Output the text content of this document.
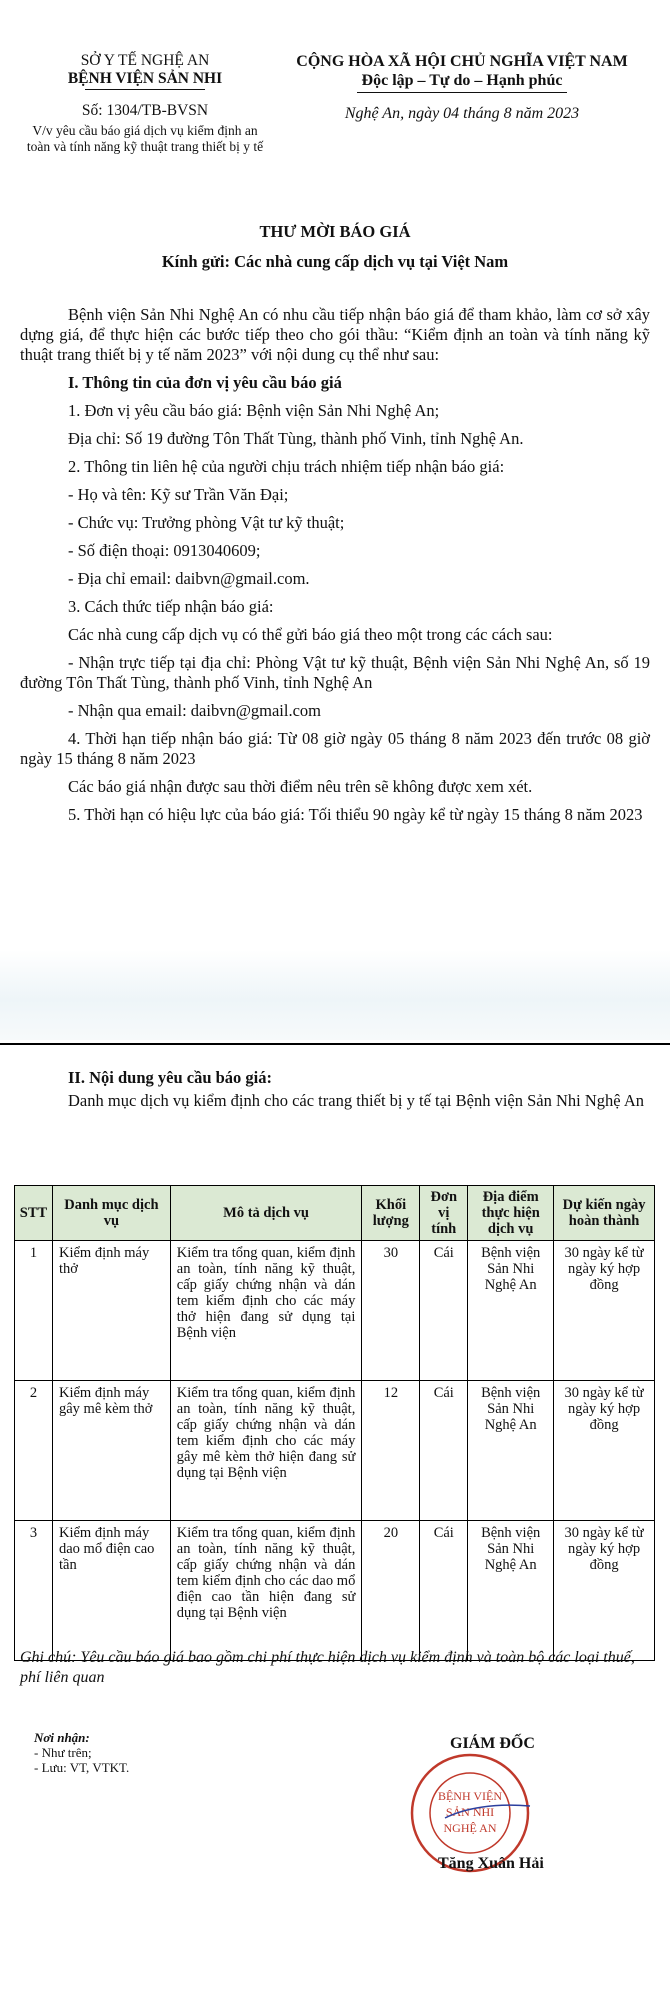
SỞ Y TẾ NGHỆ AN
BỆNH VIỆN SẢN NHI
Số: 1304/TB-BVSN
V/v yêu cầu báo giá dịch vụ kiểm định an toàn và tính năng kỹ thuật trang thiết bị y tế
CỘNG HÒA XÃ HỘI CHỦ NGHĨA VIỆT NAM
Độc lập – Tự do – Hạnh phúc
Nghệ An, ngày 04 tháng 8 năm 2023
THƯ MỜI BÁO GIÁ
Kính gửi: Các nhà cung cấp dịch vụ tại Việt Nam

Bệnh viện Sản Nhi Nghệ An có nhu cầu tiếp nhận báo giá để tham khảo, làm cơ sở xây dựng giá, để thực hiện các bước tiếp theo cho gói thầu: “Kiểm định an toàn và tính năng kỹ thuật trang thiết bị y tế năm 2023” với nội dung cụ thể như sau:

I. Thông tin của đơn vị yêu cầu báo giá

1. Đơn vị yêu cầu báo giá: Bệnh viện Sản Nhi Nghệ An;

Địa chỉ: Số 19 đường Tôn Thất Tùng, thành phố Vinh, tỉnh Nghệ An.

2. Thông tin liên hệ của người chịu trách nhiệm tiếp nhận báo giá:

- Họ và tên: Kỹ sư Trần Văn Đại;

- Chức vụ: Trưởng phòng Vật tư kỹ thuật;

- Số điện thoại: 0913040609;

- Địa chỉ email: daibvn@gmail.com.

3. Cách thức tiếp nhận báo giá:

Các nhà cung cấp dịch vụ có thể gửi báo giá theo một trong các cách sau:

- Nhận trực tiếp tại địa chỉ: Phòng Vật tư kỹ thuật, Bệnh viện Sản Nhi Nghệ An, số 19 đường Tôn Thất Tùng, thành phố Vinh, tỉnh Nghệ An

- Nhận qua email: daibvn@gmail.com

4. Thời hạn tiếp nhận báo giá: Từ 08 giờ ngày 05 tháng 8 năm 2023 đến trước 08 giờ ngày 15 tháng 8 năm 2023

Các báo giá nhận được sau thời điểm nêu trên sẽ không được xem xét.

5. Thời hạn có hiệu lực của báo giá: Tối thiểu 90 ngày kể từ ngày 15 tháng 8 năm 2023

II. Nội dung yêu cầu báo giá:

Danh mục dịch vụ kiểm định cho các trang thiết bị y tế tại Bệnh viện Sản Nhi Nghệ An

STT	Danh mục dịch vụ	Mô tả dịch vụ	Khối lượng	Đơn vị tính	Địa điểm thực hiện dịch vụ	Dự kiến ngày hoàn thành
1	Kiểm định máy thở	Kiểm tra tổng quan, kiểm định an toàn, tính năng kỹ thuật, cấp giấy chứng nhận và dán tem kiểm định cho các máy thở hiện đang sử dụng tại Bệnh viện	30	Cái	Bệnh viện Sản Nhi Nghệ An	30 ngày kể từ ngày ký hợp đồng
2	Kiểm định máy gây mê kèm thở	Kiểm tra tổng quan, kiểm định an toàn, tính năng kỹ thuật, cấp giấy chứng nhận và dán tem kiểm định cho các máy gây mê kèm thở hiện đang sử dụng tại Bệnh viện	12	Cái	Bệnh viện Sản Nhi Nghệ An	30 ngày kể từ ngày ký hợp đồng
3	Kiểm định máy dao mổ điện cao tần	Kiểm tra tổng quan, kiểm định an toàn, tính năng kỹ thuật, cấp giấy chứng nhận và dán tem kiểm định cho các dao mổ điện cao tần hiện đang sử dụng tại Bệnh viện	20	Cái	Bệnh viện Sản Nhi Nghệ An	30 ngày kể từ ngày ký hợp đồng
Ghi chú: Yêu cầu báo giá bao gồm chi phí thực hiện dịch vụ kiểm định và toàn bộ các loại thuế, phí liên quan
Nơi nhận:
- Như trên;
- Lưu: VT, VTKT.
GIÁM ĐỐC
BỆNH VIỆN
SẢN NHI
NGHỆ AN
Tăng Xuân Hải
